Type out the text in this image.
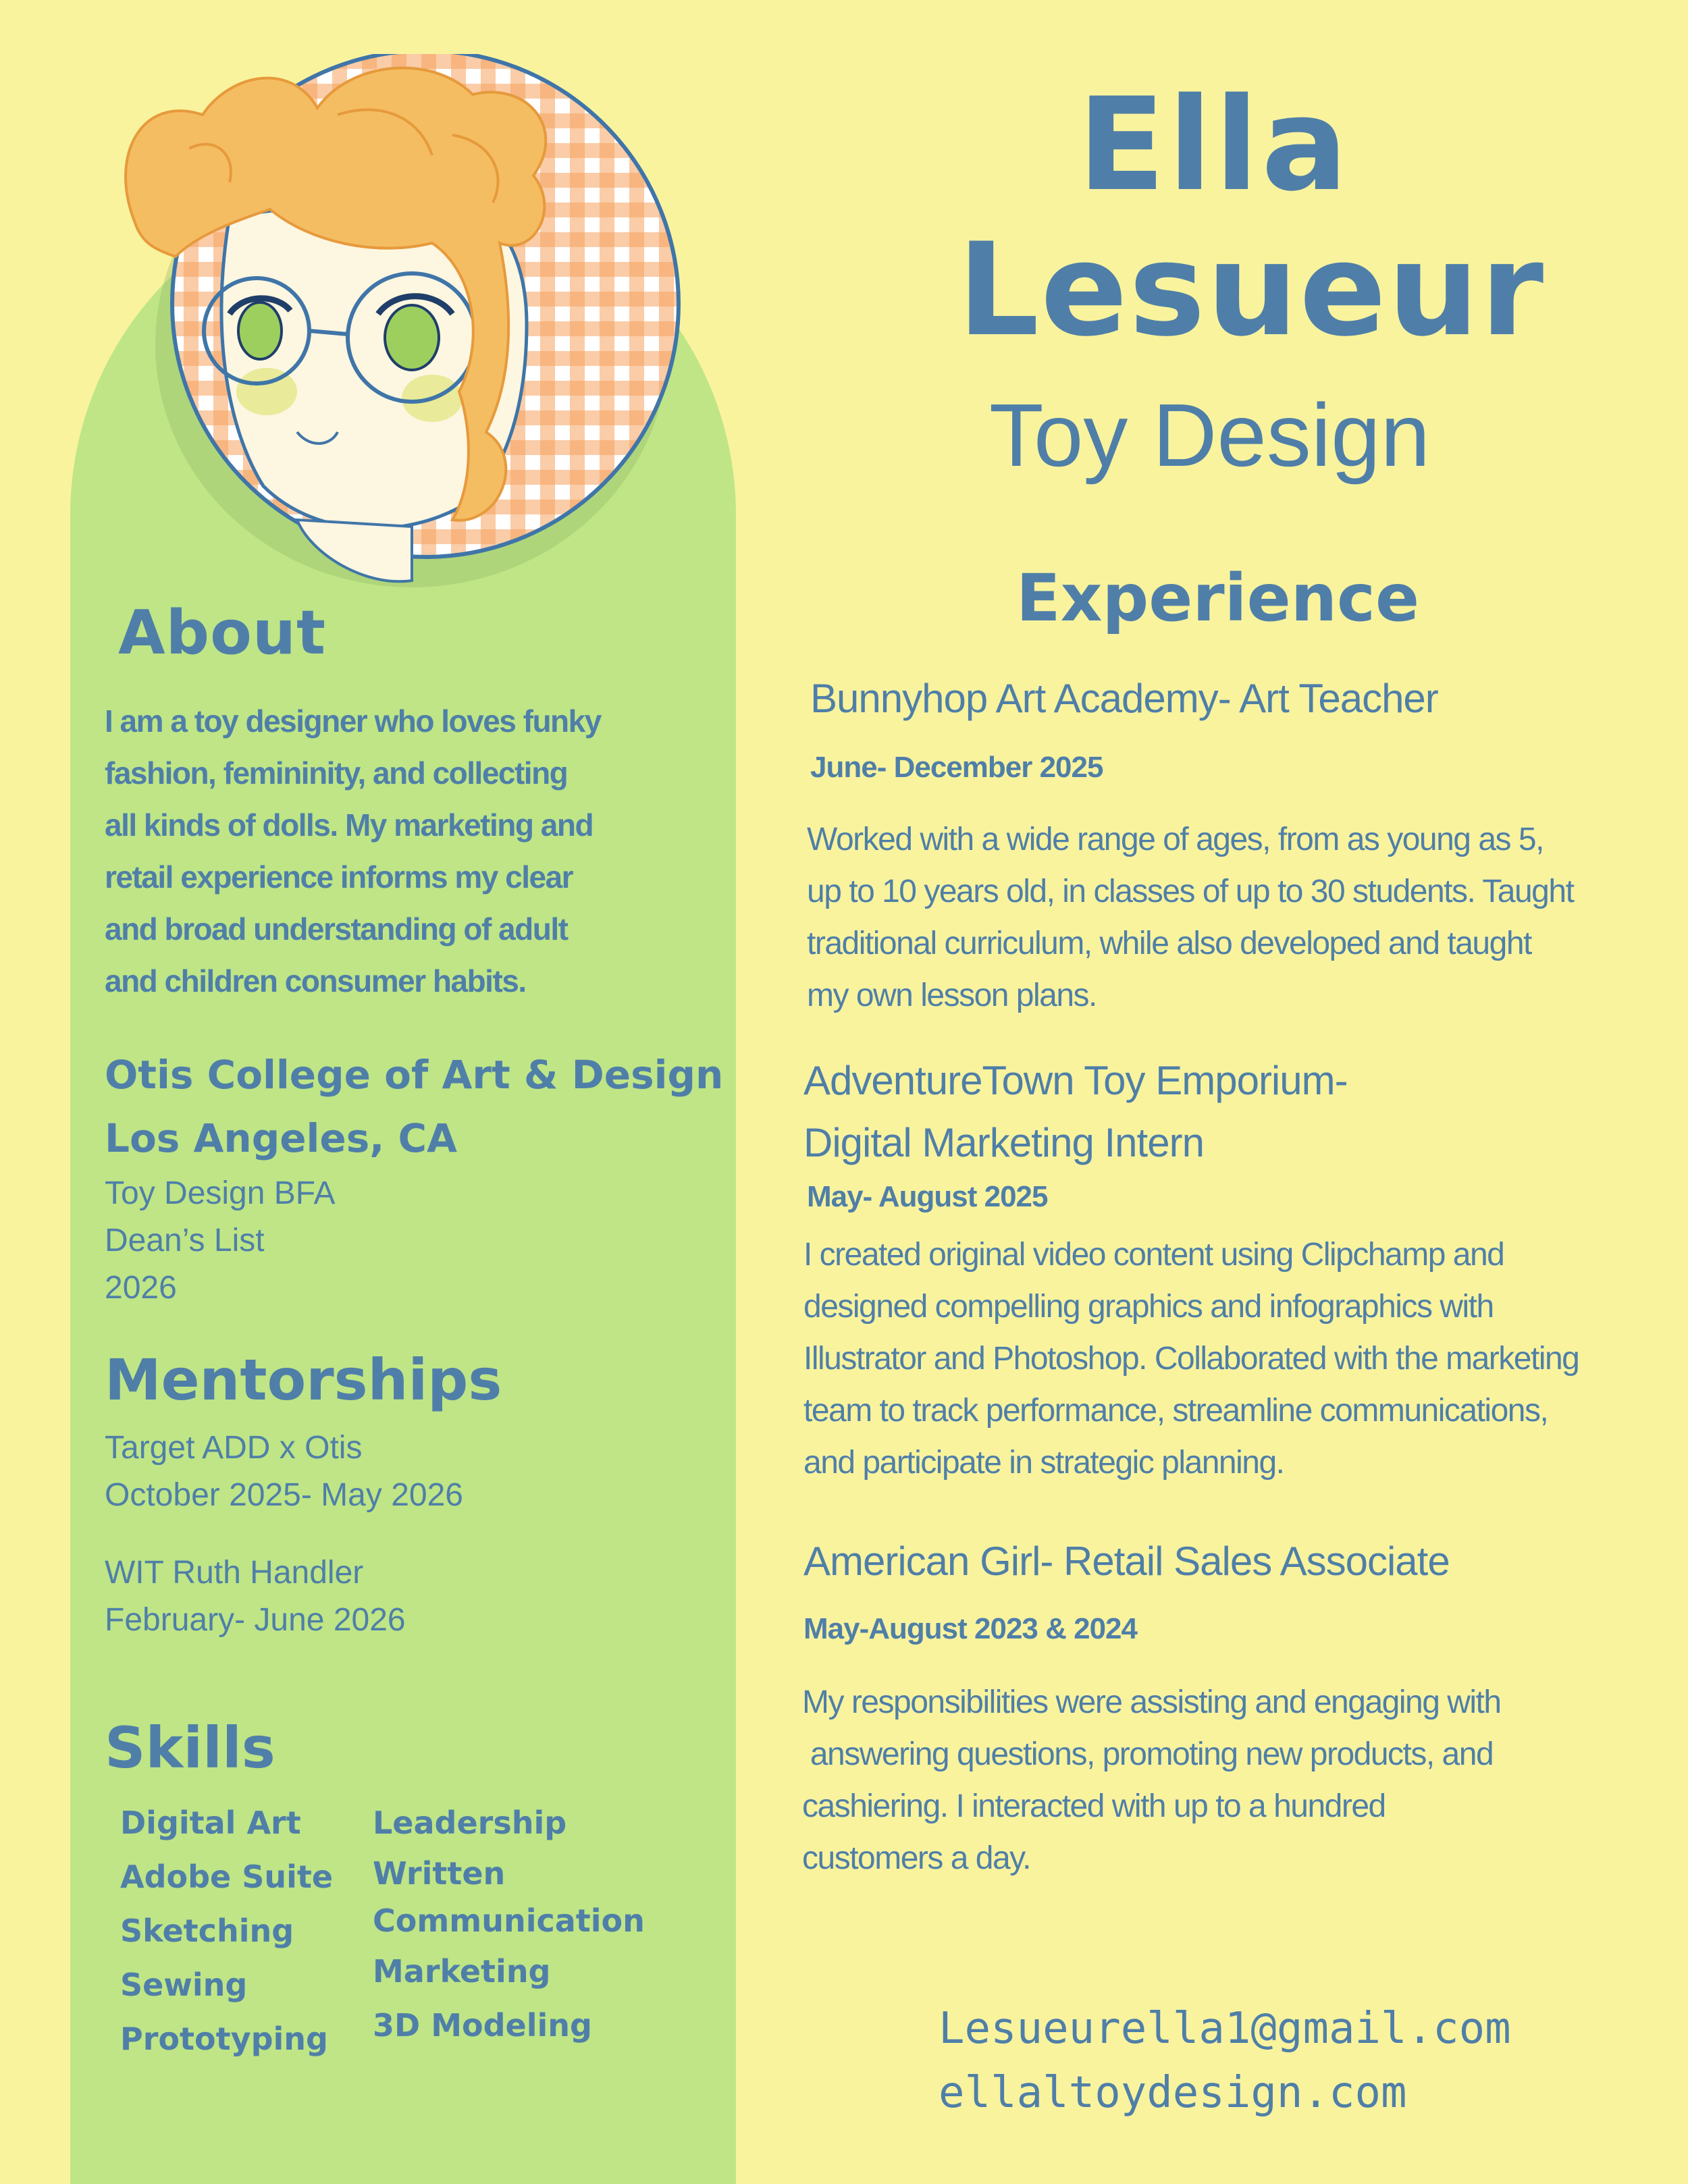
Ella
Lesueur
Toy Design
About
I am a toy designer who loves funky
fashion, femininity, and collecting
all kinds of dolls. My marketing and
retail experience informs my clear
and broad understanding of adult
and children consumer habits.
Otis College of Art & Design
Los Angeles, CA
Toy Design BFA
Dean’s List
2026
Mentorships
Target ADD x Otis
October 2025- May 2026
WIT Ruth Handler
February- June 2026
Skills
Digital Art
Adobe Suite
Sketching
Sewing
Prototyping
Leadership
Written
Communication
Marketing
3D Modeling
Experience
Bunnyhop Art Academy- Art Teacher
June- December 2025
Worked with a wide range of ages, from as young as 5,
up to 10 years old, in classes of up to 30 students. Taught
traditional curriculum, while also developed and taught
my own lesson plans.
AdventureTown Toy Emporium-
Digital Marketing Intern
May- August 2025
I created original video content using Clipchamp and
designed compelling graphics and infographics with
Illustrator and Photoshop. Collaborated with the marketing
team to track performance, streamline communications,
and participate in strategic planning.
American Girl- Retail Sales Associate
May-August 2023 & 2024
My responsibilities were assisting and engaging with
answering questions, promoting new products, and
cashiering. I interacted with up to a hundred
customers a day.
Lesueurella1@gmail.com
ellaltoydesign.com
